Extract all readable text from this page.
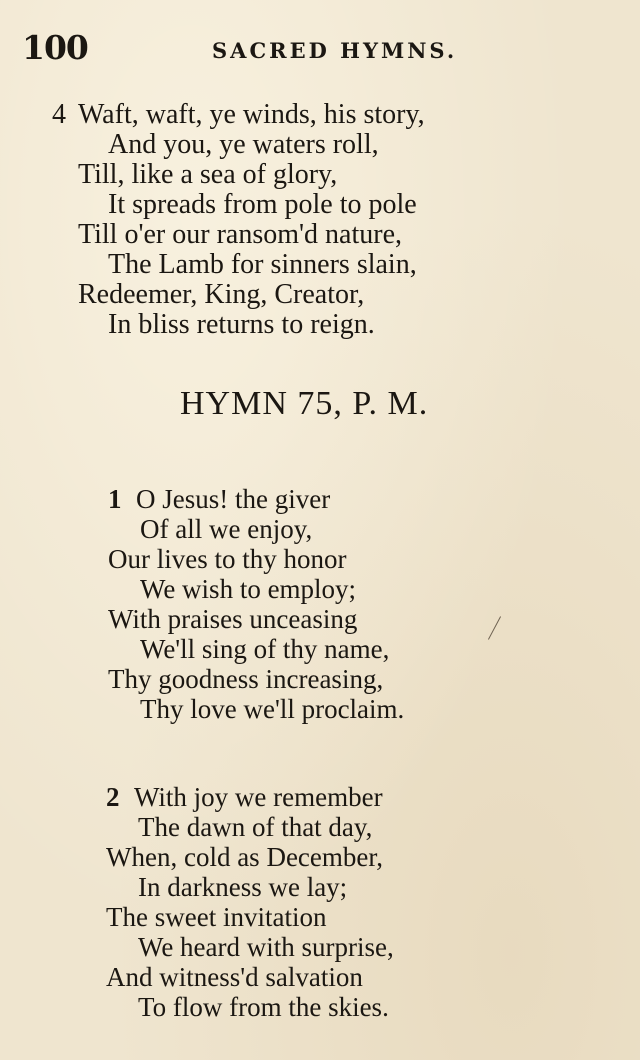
100	SACRED HYMNS.
4 Waft, waft, ye winds, his story,
And you, ye waters roll,
Till, like a sea of glory,
It spreads from pole to pole
Till o'er our ransom'd nature,
The Lamb for sinners slain,
Redeemer, King, Creator,
In bliss returns to reign.
HYMN 75, P. M.
1 O Jesus! the giver
Of all we enjoy,
Our lives to thy honor
We wish to employ;
With praises unceasing
We'll sing of thy name,
Thy goodness increasing,
Thy love we'll proclaim.
2 With joy we remember
The dawn of that day,
When, cold as December,
In darkness we lay;
The sweet invitation
We heard with surprise,
And witness'd salvation
To flow from the skies.
